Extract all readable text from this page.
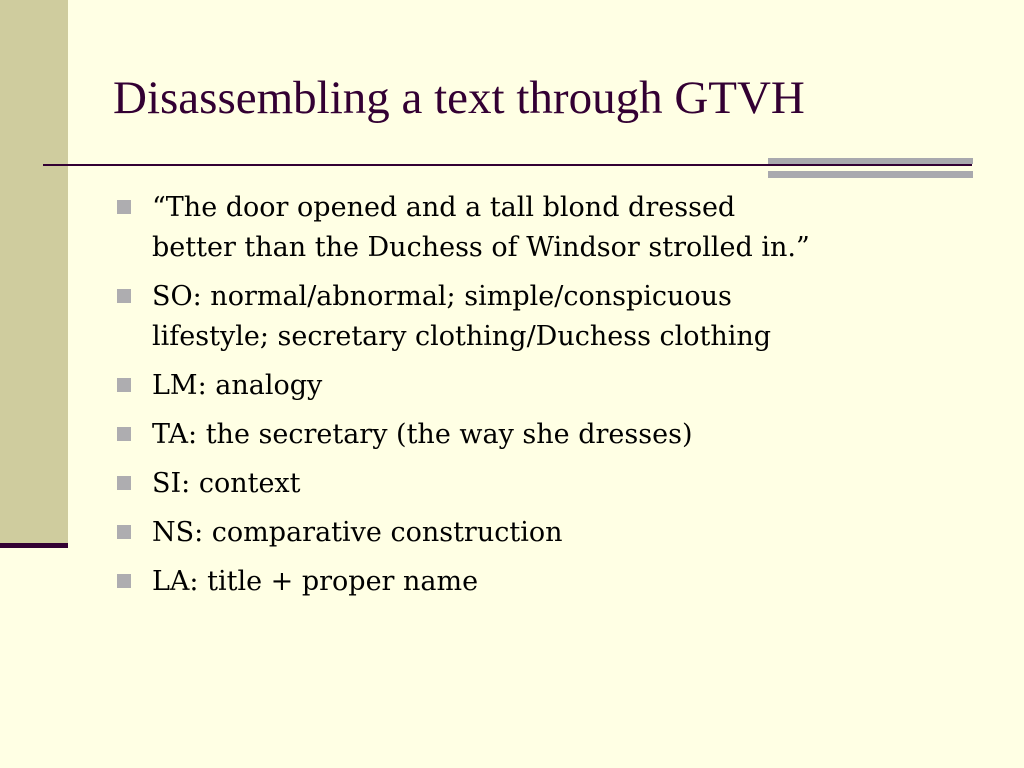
Disassembling a text through GTVH
“The door opened and a tall blond dressed
better than the Duchess of Windsor strolled in.”
SO: normal/abnormal; simple/conspicuous
lifestyle; secretary clothing/Duchess clothing
LM: analogy
TA: the secretary (the way she dresses)
SI: context
NS: comparative construction
LA: title + proper name
